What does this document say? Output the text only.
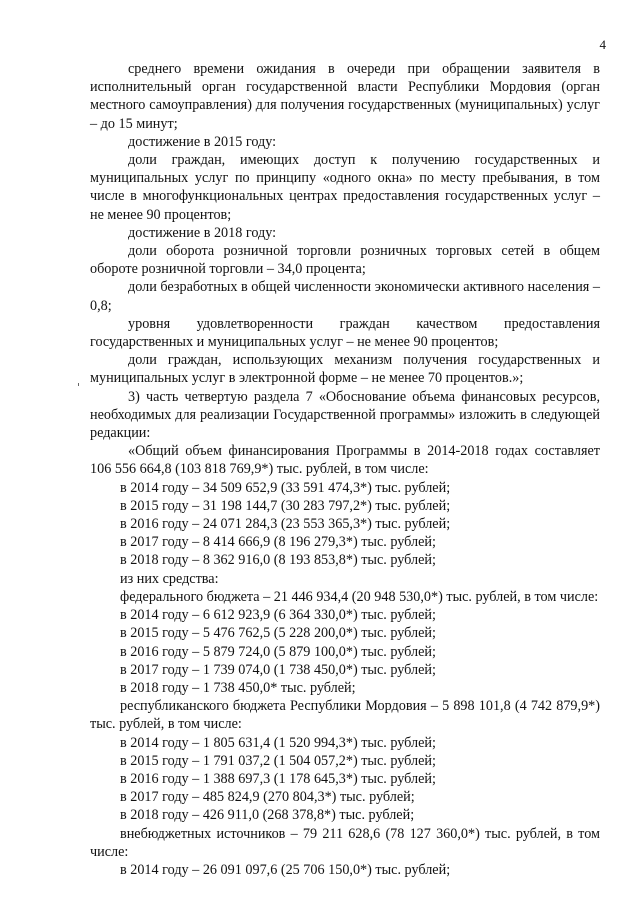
4

среднего времени ожидания в очереди при обращении заявителя в исполнительный орган государственной власти Республики Мордовия (орган местного самоуправления) для получения государственных (муниципальных) услуг – до 15 минут;

достижение в 2015 году:

доли граждан, имеющих доступ к получению государственных и муниципальных услуг по принципу «одного окна» по месту пребывания, в том числе в многофункциональных центрах предоставления государственных услуг – не менее 90 процентов;

достижение в 2018 году:

доли оборота розничной торговли розничных торговых сетей в общем обороте розничной торговли – 34,0 процента;

доли безработных в общей численности экономически активного населения – 0,8;

уровня удовлетворенности граждан качеством предоставления государственных и муниципальных услуг – не менее 90 процентов;

доли граждан, использующих механизм получения государственных и муниципальных услуг в электронной форме – не менее 70 процентов.»;

3) часть четвертую раздела 7 «Обоснование объема финансовых ресурсов, необходимых для реализации Государственной программы» изложить в следующей редакции:

«Общий объем финансирования Программы в 2014-2018 годах составляет 106 556 664,8 (103 818 769,9*) тыс. рублей, в том числе:

в 2014 году – 34 509 652,9 (33 591 474,3*) тыс. рублей;

в 2015 году – 31 198 144,7 (30 283 797,2*) тыс. рублей;

в 2016 году – 24 071 284,3 (23 553 365,3*) тыс. рублей;

в 2017 году – 8 414 666,9 (8 196 279,3*) тыс. рублей;

в 2018 году – 8 362 916,0 (8 193 853,8*) тыс. рублей;

из них средства:

федерального бюджета – 21 446 934,4 (20 948 530,0*) тыс. рублей, в том числе:

в 2014 году – 6 612 923,9 (6 364 330,0*) тыс. рублей;

в 2015 году – 5 476 762,5 (5 228 200,0*) тыс. рублей;

в 2016 году – 5 879 724,0 (5 879 100,0*) тыс. рублей;

в 2017 году – 1 739 074,0 (1 738 450,0*) тыс. рублей;

в 2018 году – 1 738 450,0* тыс. рублей;

республиканского бюджета Республики Мордовия – 5 898 101,8 (4 742 879,9*) тыс. рублей, в том числе:

в 2014 году – 1 805 631,4 (1 520 994,3*) тыс. рублей;

в 2015 году – 1 791 037,2 (1 504 057,2*) тыс. рублей;

в 2016 году – 1 388 697,3 (1 178 645,3*) тыс. рублей;

в 2017 году – 485 824,9 (270 804,3*) тыс. рублей;

в 2018 году – 426 911,0 (268 378,8*) тыс. рублей;

внебюджетных источников – 79 211 628,6 (78 127 360,0*) тыс. рублей, в том числе:

в 2014 году – 26 091 097,6 (25 706 150,0*) тыс. рублей;
